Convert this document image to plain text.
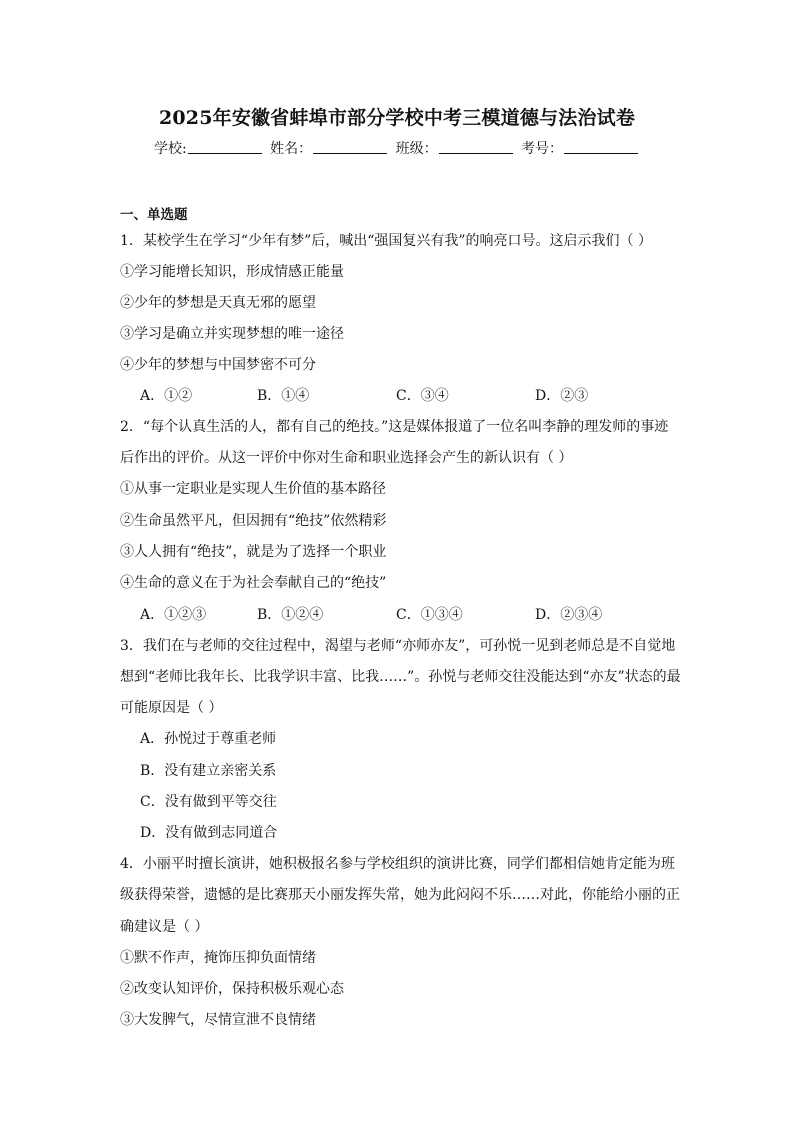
2025年安徽省蚌埠市部分学校中考三模道德与法治试卷
学校:	姓名：	班级：	考号：
一、单选题
1．某校学生在学习“少年有梦”后，喊出“强国复兴有我”的响亮口号。这启示我们（ ）
①学习能增长知识，形成情感正能量
②少年的梦想是天真无邪的愿望
③学习是确立并实现梦想的唯一途径
④少年的梦想与中国梦密不可分
A．①②	B．①④	C．③④	D．②③
2．“每个认真生活的人，都有自己的绝技。”这是媒体报道了一位名叫李静的理发师的事迹
后作出的评价。从这一评价中你对生命和职业选择会产生的新认识有（ ）
①从事一定职业是实现人生价值的基本路径
②生命虽然平凡，但因拥有“绝技”依然精彩
③人人拥有“绝技”，就是为了选择一个职业
④生命的意义在于为社会奉献自己的“绝技”
A．①②③	B．①②④	C．①③④	D．②③④
3．我们在与老师的交往过程中，渴望与老师“亦师亦友”，可孙悦一见到老师总是不自觉地
想到“老师比我年长、比我学识丰富、比我……”。孙悦与老师交往没能达到“亦友”状态的最
可能原因是（ ）
A．孙悦过于尊重老师
B．没有建立亲密关系
C．没有做到平等交往
D．没有做到志同道合
4．小丽平时擅长演讲，她积极报名参与学校组织的演讲比赛，同学们都相信她肯定能为班
级获得荣誉，遗憾的是比赛那天小丽发挥失常，她为此闷闷不乐……对此，你能给小丽的正
确建议是（ ）
①默不作声，掩饰压抑负面情绪
②改变认知评价，保持积极乐观心态
③大发脾气，尽情宣泄不良情绪
